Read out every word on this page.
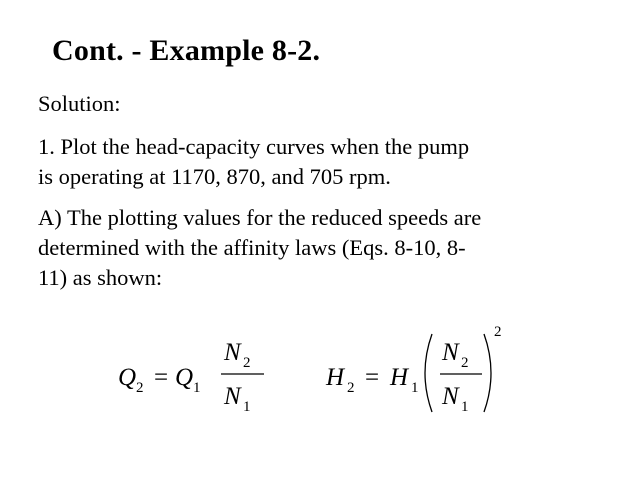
Cont. - Example 8-2.
Solution:
1. Plot the head-capacity curves when the pump
is operating at 1170, 870, and 705 rpm.
A) The plotting values for the reduced speeds are
determined with the affinity laws (Eqs. 8-10, 8-
11) as shown:
Q 2 = Q 1
N 2
N 1
H 2 = H 1
N 2
N 1
2
